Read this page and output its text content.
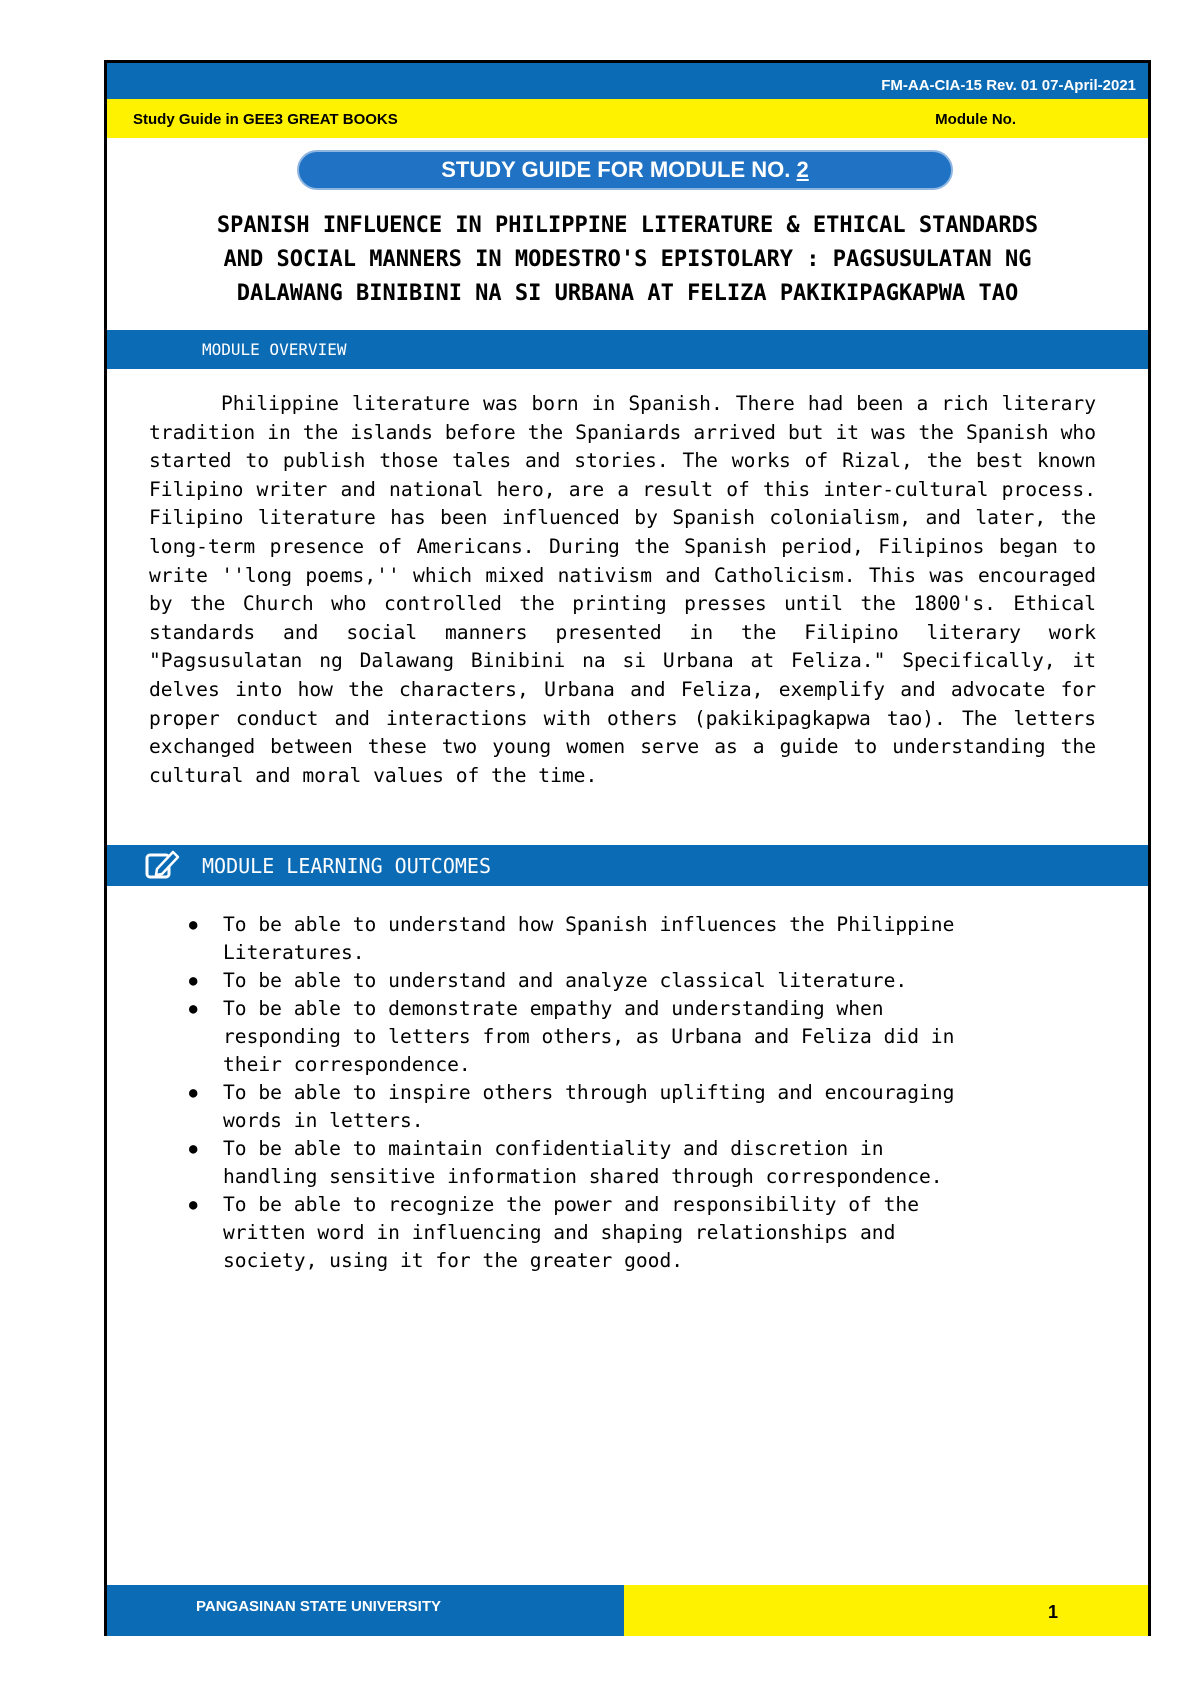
FM-AA-CIA-15 Rev. 01 07-April-2021
Study Guide in GEE3 GREAT BOOKS	Module No.
STUDY GUIDE FOR MODULE NO. 2
SPANISH INFLUENCE IN PHILIPPINE LITERATURE & ETHICAL STANDARDS
AND SOCIAL MANNERS IN MODESTRO'S EPISTOLARY : PAGSUSULATAN NG
DALAWANG BINIBINI NA SI URBANA AT FELIZA PAKIKIPAGKAPWA TAO
MODULE OVERVIEW

Philippine literature was born in Spanish. There had been a rich literary tradition in the islands before the Spaniards arrived but it was the Spanish who started to publish those tales and stories. The works of Rizal, the best known Filipino writer and national hero, are a result of this inter-cultural process. Filipino literature has been influenced by Spanish colonialism, and later, the long-term presence of Americans. During the Spanish period, Filipinos began to write ''long poems,'' which mixed nativism and Catholicism. This was encouraged by the Church who controlled the printing presses until the 1800's. Ethical standards and social manners presented in the Filipino literary work "Pagsusulatan ng Dalawang Binibini na si Urbana at Feliza." Specifically, it delves into how the characters, Urbana and Feliza, exemplify and advocate for proper conduct and interactions with others (pakikipagkapwa tao). The letters exchanged between these two young women serve as a guide to understanding the cultural and moral values of the time.

MODULE LEARNING OUTCOMES
● To be able to understand how Spanish influences the Philippine
Literatures.
● To be able to understand and analyze classical literature.
● To be able to demonstrate empathy and understanding when
responding to letters from others, as Urbana and Feliza did in
their correspondence.
● To be able to inspire others through uplifting and encouraging
words in letters.
● To be able to maintain confidentiality and discretion in
handling sensitive information shared through correspondence.
● To be able to recognize the power and responsibility of the
written word in influencing and shaping relationships and
society, using it for the greater good.
PANGASINAN STATE UNIVERSITY	1
